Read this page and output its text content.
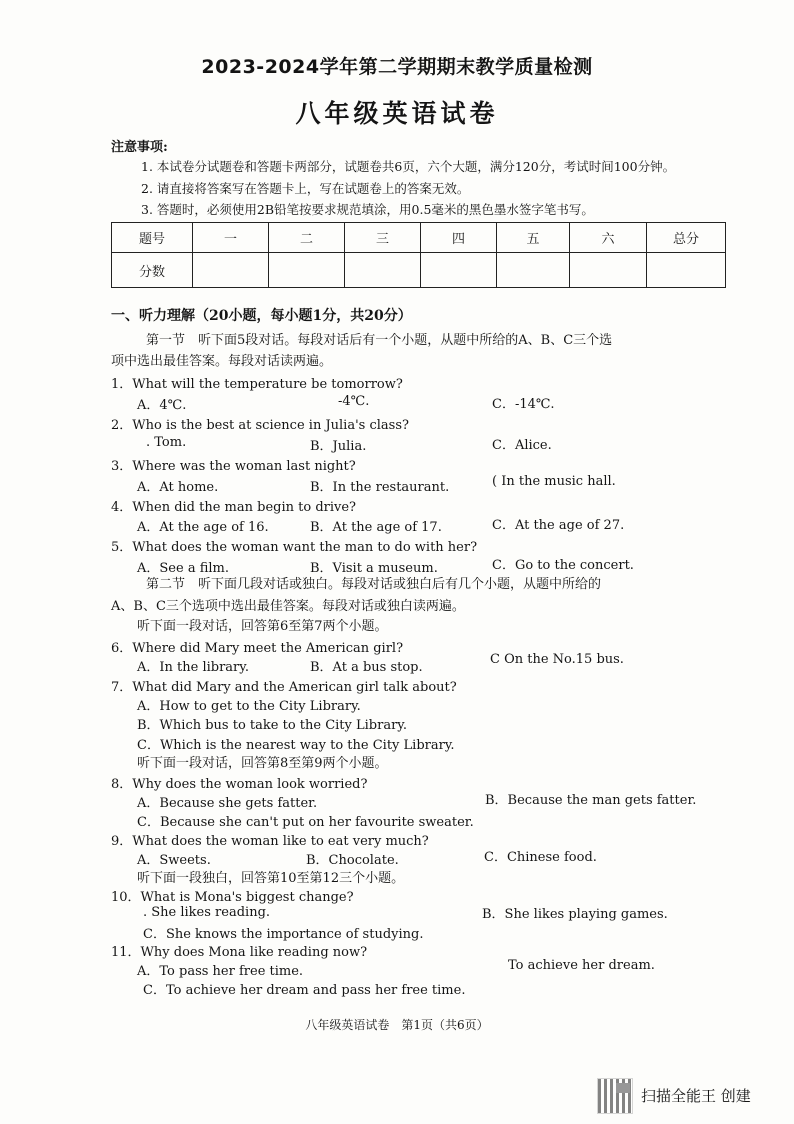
2023-2024学年第二学期期末教学质量检测
八年级英语试卷
注意事项:
1. 本试卷分试题卷和答题卡两部分，试题卷共6页，六个大题，满分120分，考试时间100分钟。
2. 请直接将答案写在答题卡上，写在试题卷上的答案无效。
3. 答题时，必须使用2B铅笔按要求规范填涂，用0.5毫米的黑色墨水签字笔书写。
题号	一	二	三	四	五	六	总分
分数							
一、听力理解（20小题，每小题1分，共20分）
第一节　听下面5段对话。每段对话后有一个小题，从题中所给的A、B、C三个选
项中选出最佳答案。每段对话读两遍。
1．What will the temperature be tomorrow?
A．4℃.	-4℃.	C．-14℃.
2．Who is the best at science in Julia's class?
. Tom.	B．Julia.	C．Alice.
3．Where was the woman last night?
A．At home.	B．In the restaurant.	( In the music hall.
4．When did the man begin to drive?
A．At the age of 16.	B．At the age of 17.	C．At the age of 27.
5．What does the woman want the man to do with her?
A．See a film.	B．Visit a museum.	C．Go to the concert.
第二节　听下面几段对话或独白。每段对话或独白后有几个小题，从题中所给的
A、B、C三个选项中选出最佳答案。每段对话或独白读两遍。
听下面一段对话，回答第6至第7两个小题。
6．Where did Mary meet the American girl?
A．In the library.	B．At a bus stop.
C On the No.15 bus.
7．What did Mary and the American girl talk about?
A．How to get to the City Library.
B．Which bus to take to the City Library.
C．Which is the nearest way to the City Library.
听下面一段对话，回答第8至第9两个小题。
8．Why does the woman look worried?
A．Because she gets fatter.	B．Because the man gets fatter.
C．Because she can't put on her favourite sweater.
9．What does the woman like to eat very much?
A．Sweets.	B．Chocolate.	C．Chinese food.
听下面一段独白，回答第10至第12三个小题。
10．What is Mona's biggest change?
. She likes reading.	B．She likes playing games.
C．She knows the importance of studying.
11．Why does Mona like reading now?
A．To pass her free time.	To achieve her dream.
C．To achieve her dream and pass her free time.
八年级英语试卷　第1页（共6页）
扫描全能王 创建
